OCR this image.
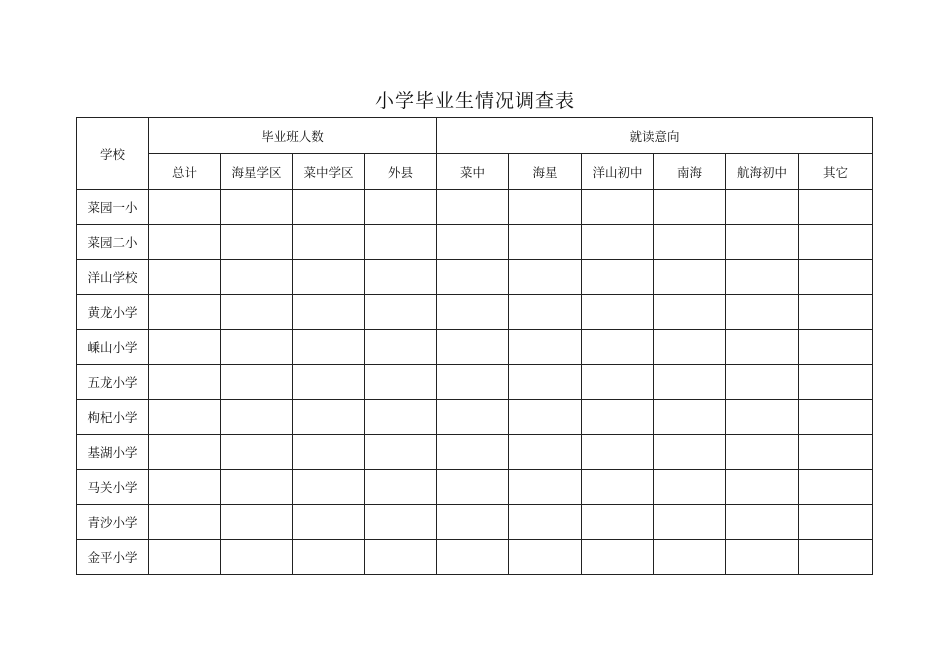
小学毕业生情况调查表
学校	毕业班人数				就读意向					
	总计	海星学区	菜中学区	外县	菜中	海星	洋山初中	南海	航海初中	其它
菜园一小										
菜园二小										
洋山学校										
黄龙小学										
嵊山小学										
五龙小学										
枸杞小学										
基湖小学										
马关小学										
青沙小学										
金平小学										
